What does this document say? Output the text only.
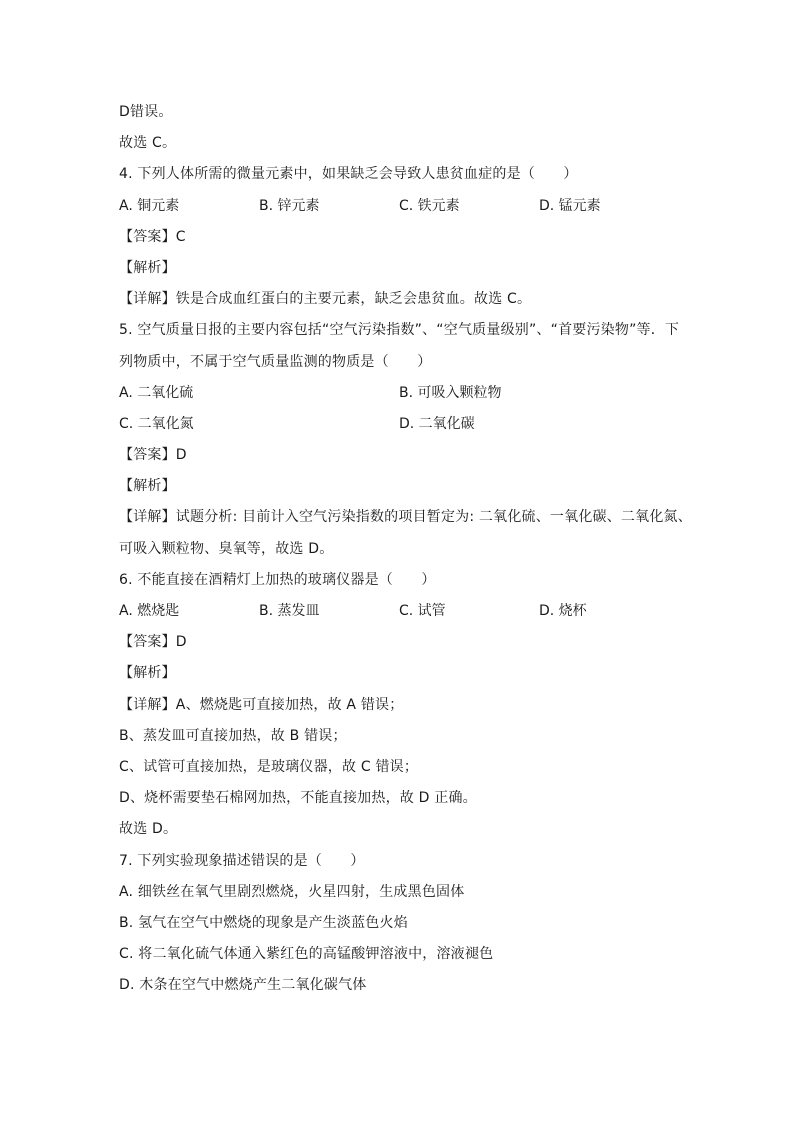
D错误。
故选 C。
4. 下列人体所需的微量元素中，如果缺乏会导致人患贫血症的是（　　）
A. 铜元素	B. 锌元素	C. 铁元素	D. 锰元素
【答案】C
【解析】
【详解】铁是合成血红蛋白的主要元素，缺乏会患贫血。故选 C。
5. 空气质量日报的主要内容包括“空气污染指数”、“空气质量级别”、“首要污染物”等．下
列物质中，不属于空气质量监测的物质是（　　）
A. 二氧化硫	B. 可吸入颗粒物
C. 二氧化氮	D. 二氧化碳
【答案】D
【解析】
【详解】试题分析: 目前计入空气污染指数的项目暂定为: 二氧化硫、一氧化碳、二氧化氮、
可吸入颗粒物、臭氧等，故选 D。
6. 不能直接在酒精灯上加热的玻璃仪器是（　　）
A. 燃烧匙	B. 蒸发皿	C. 试管	D. 烧杯
【答案】D
【解析】
【详解】A、燃烧匙可直接加热，故 A 错误；
B、蒸发皿可直接加热，故 B 错误；
C、试管可直接加热，是玻璃仪器，故 C 错误；
D、烧杯需要垫石棉网加热，不能直接加热，故 D 正确。
故选 D。
7. 下列实验现象描述错误的是（　　）
A. 细铁丝在氧气里剧烈燃烧，火星四射，生成黑色固体
B. 氢气在空气中燃烧的现象是产生淡蓝色火焰
C. 将二氧化硫气体通入紫红色的高锰酸钾溶液中，溶液褪色
D. 木条在空气中燃烧产生二氧化碳气体
